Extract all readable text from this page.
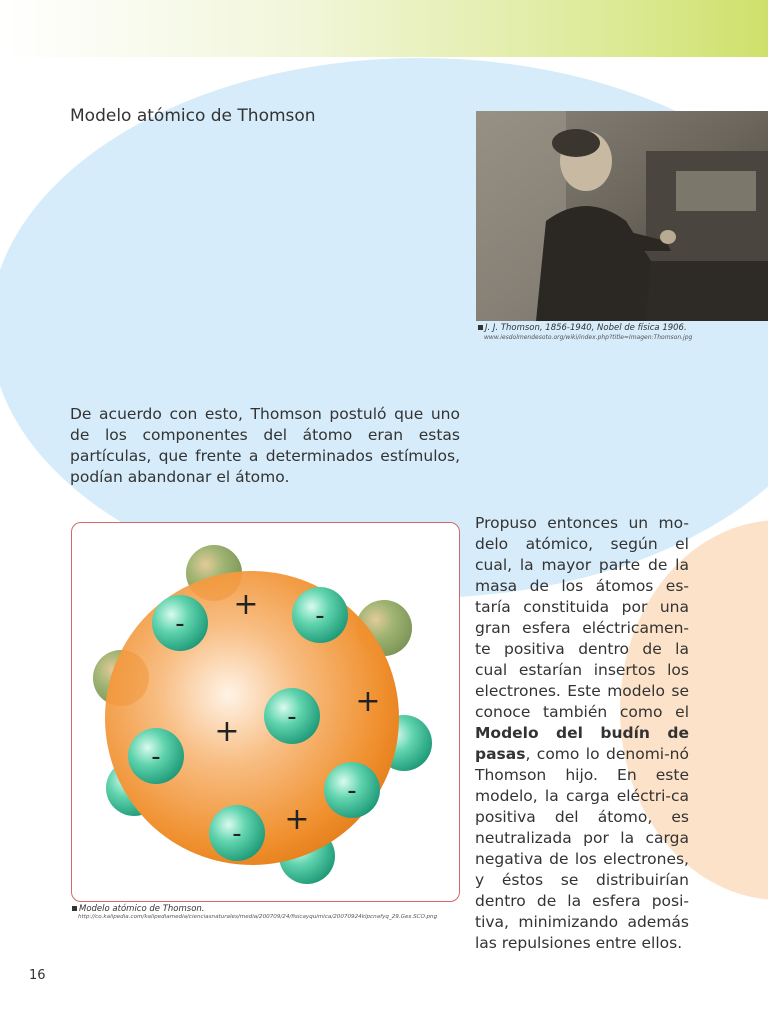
Modelo atómico de Thomson
J. J. Thomson, 1856-1940, Nobel de física 1906.
www.iesdolmendesoto.org/wiki/index.php?title=Imagen:Thomson.jpg

De acuerdo con esto, Thomson postuló que uno de los componentes del átomo eran estas partículas, que frente a determinados estímulos, podían abandonar el átomo.

-	-
-
-
-
-
+
+
+
+
Modelo atómico de Thomson.
http://co.kalipedia.com/kalipediamedia/cienciasnaturales/media/200709/24/fisicayquimica/20070924klpcnafyq_29.Ges.SCO.png

Propuso entonces un mo-delo atómico, según el cual, la mayor parte de la masa de los átomos es-taría constituida por una gran esfera eléctricamen-te positiva dentro de la cual estarían insertos los electrones. Este modelo se conoce también como el Modelo del budín de pasas, como lo denomi-nó Thomson hijo. En este modelo, la carga eléctri-ca positiva del átomo, es neutralizada por la carga negativa de los electrones, y éstos se distribuirían dentro de la esfera posi-tiva, minimizando además las repulsiones entre ellos.

16
